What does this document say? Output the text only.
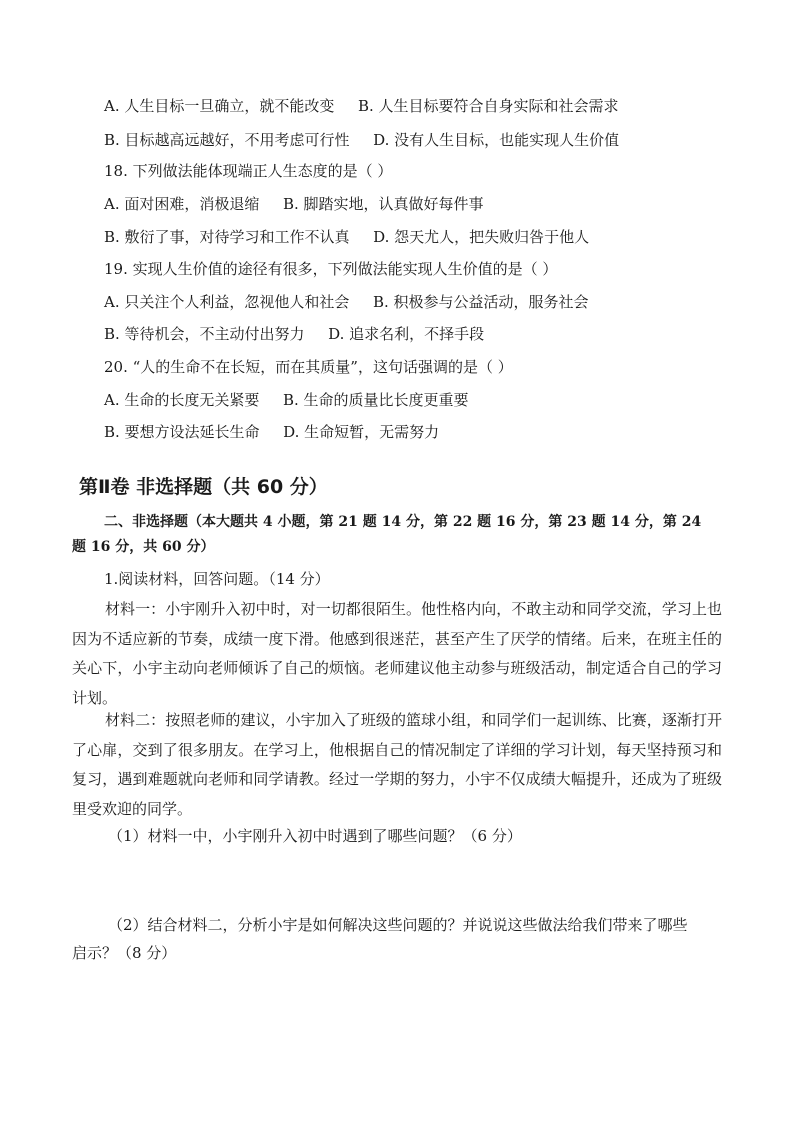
A. 人生目标一旦确立，就不能改变 B. 人生目标要符合自身实际和社会需求
B. 目标越高远越好，不用考虑可行性 D. 没有人生目标，也能实现人生价值
18. 下列做法能体现端正人生态度的是（ ）
A. 面对困难，消极退缩 B. 脚踏实地，认真做好每件事
B. 敷衍了事，对待学习和工作不认真 D. 怨天尤人，把失败归咎于他人
19. 实现人生价值的途径有很多，下列做法能实现人生价值的是（ ）
A. 只关注个人利益，忽视他人和社会 B. 积极参与公益活动，服务社会
B. 等待机会，不主动付出努力 D. 追求名利，不择手段
20. “人的生命不在长短，而在其质量”，这句话强调的是（ ）
A. 生命的长度无关紧要 B. 生命的质量比长度更重要
B. 要想方设法延长生命 D. 生命短暂，无需努力
第Ⅱ卷 非选择题（共 60 分）
二、非选择题（本大题共 4 小题，第 21 题 14 分，第 22 题 16 分，第 23 题 14 分，第 24
题 16 分，共 60 分）
1.阅读材料，回答问题。（14 分）
材料一：小宇刚升入初中时，对一切都很陌生。他性格内向，不敢主动和同学交流，学习上也因为不适应新的节奏，成绩一度下滑。他感到很迷茫，甚至产生了厌学的情绪。后来，在班主任的关心下，小宇主动向老师倾诉了自己的烦恼。老师建议他主动参与班级活动，制定适合自己的学习计划。
材料二：按照老师的建议，小宇加入了班级的篮球小组，和同学们一起训练、比赛，逐渐打开了心扉，交到了很多朋友。在学习上，他根据自己的情况制定了详细的学习计划，每天坚持预习和复习，遇到难题就向老师和同学请教。经过一学期的努力，小宇不仅成绩大幅提升，还成为了班级里受欢迎的同学。
（1）材料一中，小宇刚升入初中时遇到了哪些问题？（6 分）
（2）结合材料二，分析小宇是如何解决这些问题的？并说说这些做法给我们带来了哪些
启示？（8 分）
